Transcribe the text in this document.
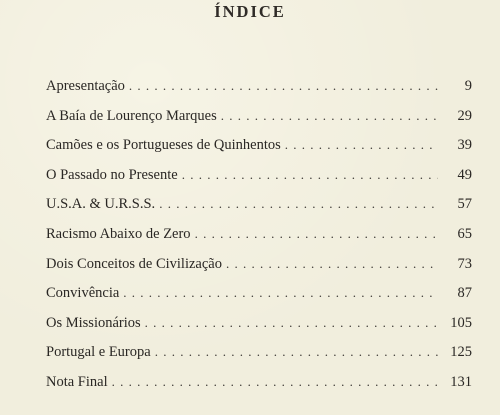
ÍNDICE
Apresentação . . .	9
A Baía de Lourenço Marques . . .	29
Camões e os Portugueses de Quinhentos . . .	39
O Passado no Presente . . .	49
U.S.A. & U.R.S.S. . . .	57
Racismo Abaixo de Zero . . .	65
Dois Conceitos de Civilização . . .	73
Convivência . . .	87
Os Missionários . . .	105
Portugal e Europa . . .	125
Nota Final . . .	131
